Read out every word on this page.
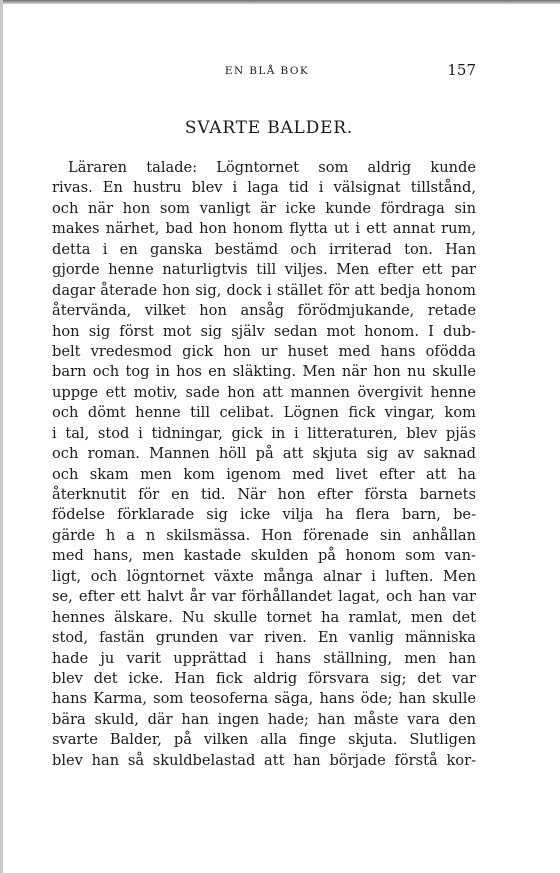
EN BLÅ BOK	157
SVARTE BALDER.
Läraren talade: Lögntornet som aldrig kunde
rivas. En hustru blev i laga tid i välsignat tillstånd,
och när hon som vanligt är icke kunde fördraga sin
makes närhet, bad hon honom flytta ut i ett annat rum,
detta i en ganska bestämd och irriterad ton. Han
gjorde henne naturligtvis till viljes. Men efter ett par
dagar återade hon sig, dock i stället för att bedja honom
återvända, vilket hon ansåg förödmjukande, retade
hon sig först mot sig själv sedan mot honom. I dub-
belt vredesmod gick hon ur huset med hans ofödda
barn och tog in hos en släkting. Men när hon nu skulle
uppge ett motiv, sade hon att mannen övergivit henne
och dömt henne till celibat. Lögnen fick vingar, kom
i tal, stod i tidningar, gick in i litteraturen, blev pjäs
och roman. Mannen höll på att skjuta sig av saknad
och skam men kom igenom med livet efter att ha
återknutit för en tid. När hon efter första barnets
födelse förklarade sig icke vilja ha flera barn, be-
gärde h a n skilsmässa. Hon förenade sin anhållan
med hans, men kastade skulden på honom som van-
ligt, och lögntornet växte många alnar i luften. Men
se, efter ett halvt år var förhållandet lagat, och han var
hennes älskare. Nu skulle tornet ha ramlat, men det
stod, fastän grunden var riven. En vanlig människa
hade ju varit upprättad i hans ställning, men han
blev det icke. Han fick aldrig försvara sig; det var
hans Karma, som teosoferna säga, hans öde; han skulle
bära skuld, där han ingen hade; han måste vara den
svarte Balder, på vilken alla finge skjuta. Slutligen
blev han så skuldbelastad att han började förstå kor-
